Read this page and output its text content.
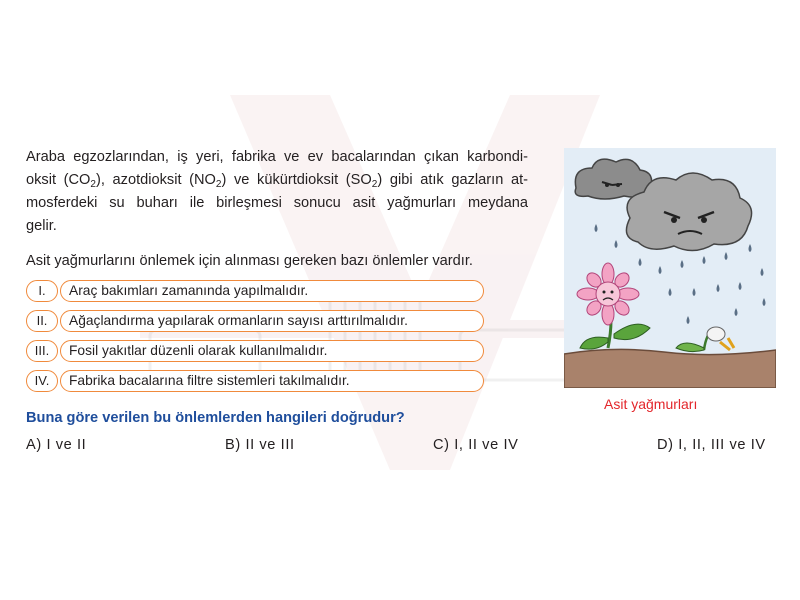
Araba egzozlarından, iş yeri, fabrika ve ev bacalarından çıkan karbondi-
oksit $(CO_2)$, azotdioksit $(NO_2)$ ve kükürtdioksit $(SO_2)$ gibi atık gazların at-
mosferdeki su buharı ile birleşmesi sonucu asit yağmurları meydana
gelir.

Asit yağmurlarını önlemek için alınması gereken bazı önlemler vardır.

I.	Araç bakımları zamanında yapılmalıdır.
II.	Ağaçlandırma yapılarak ormanların sayısı arttırılmalıdır.
III.	Fosil yakıtlar düzenli olarak kullanılmalıdır.
IV.	Fabrika bacalarına filtre sistemleri takılmalıdır.

Buna göre verilen bu önlemlerden hangileri doğrudur?

A) I ve II	B) II ve III	C) I, II ve IV	D) I, II, III ve IV
Asit yağmurları
